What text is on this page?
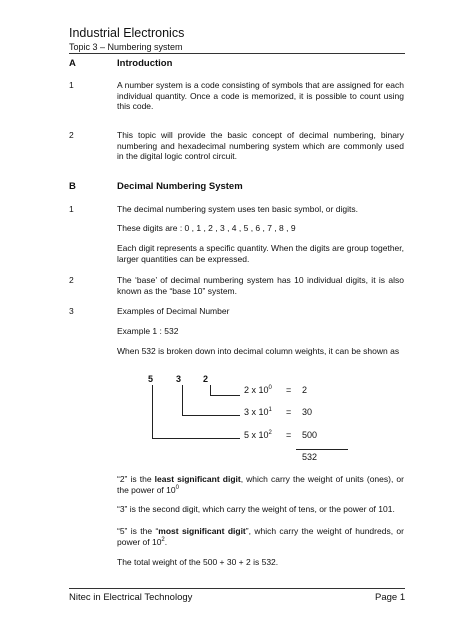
Industrial Electronics
Topic 3 – Numbering system
A	Introduction
1	A number system is a code consisting of symbols that are assigned for each individual quantity. Once a code is memorized, it is possible to count using this code.
2	This topic will provide the basic concept of decimal numbering, binary numbering and hexadecimal numbering system which are commonly used in the digital logic control circuit.
B	Decimal Numbering System
1	The decimal numbering system uses ten basic symbol, or digits.
These digits are : 0 , 1 , 2 , 3 , 4 , 5 , 6 , 7 , 8 , 9
Each digit represents a specific quantity. When the digits are group together, larger quantities can be expressed.
2	The ‘base’ of decimal numbering system has 10 individual digits, it is also known as the “base 10” system.
3	Examples of Decimal Number
Example 1 : 532
When 532 is broken down into decimal column weights, it can be shown as
5	3 2
2 x $10^0 = 2$
3 x $10^1 = 30$
5 x $10^2 = 500$
532
“2” is the least significant digit, which carry the weight of units (ones), or the power of $10^0$
“3” is the second digit, which carry the weight of tens, or the power of 101.
“5” is the “most significant digit”, which carry the weight of hundreds, or power of $10^2$.
The total weight of the 500 + 30 + 2 is 532.
Nitec in Electrical Technology	Page 1
